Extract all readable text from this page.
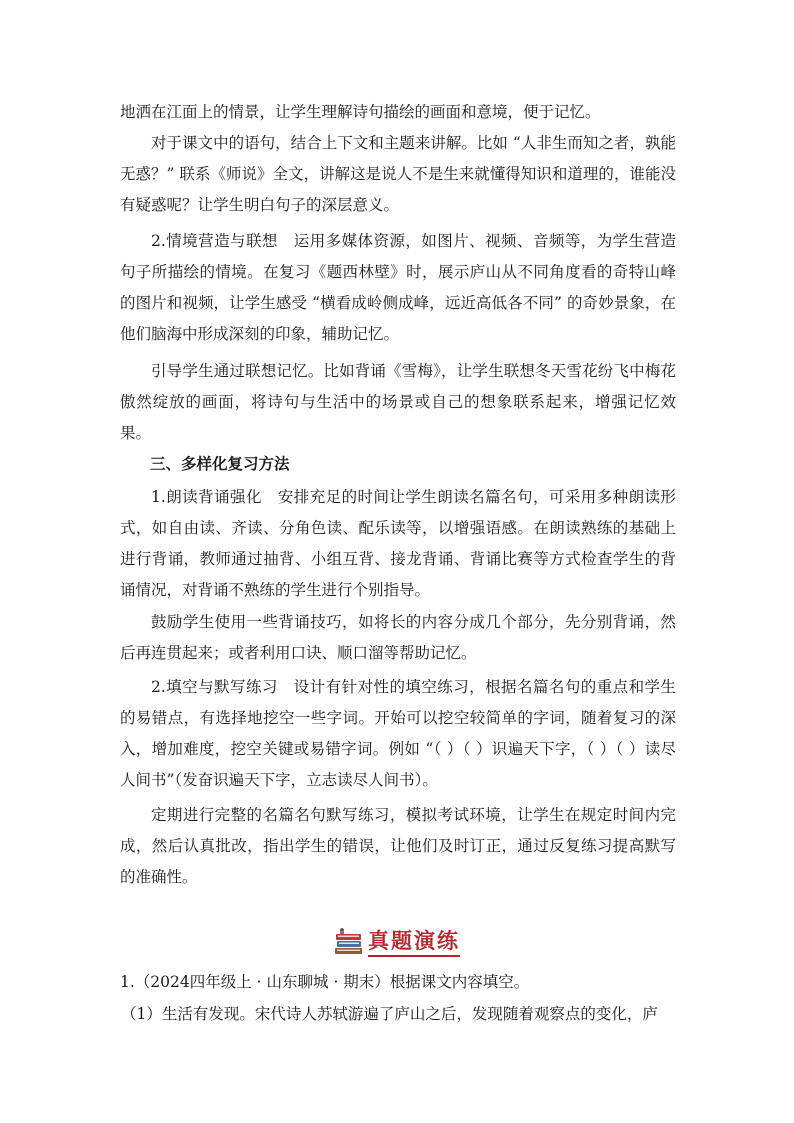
地洒在江面上的情景，让学生理解诗句描绘的画面和意境，便于记忆。

对于课文中的语句，结合上下文和主题来讲解。比如 “人非生而知之者，孰能无惑？” 联系《师说》全文，讲解这是说人不是生来就懂得知识和道理的，谁能没有疑惑呢？让学生明白句子的深层意义。

2.情境营造与联想　运用多媒体资源，如图片、视频、音频等，为学生营造句子所描绘的情境。在复习《题西林壁》时，展示庐山从不同角度看的奇特山峰的图片和视频，让学生感受 “横看成岭侧成峰，远近高低各不同” 的奇妙景象，在他们脑海中形成深刻的印象，辅助记忆。

引导学生通过联想记忆。比如背诵《雪梅》，让学生联想冬天雪花纷飞中梅花傲然绽放的画面，将诗句与生活中的场景或自己的想象联系起来，增强记忆效果。

三、多样化复习方法

1.朗读背诵强化　安排充足的时间让学生朗读名篇名句，可采用多种朗读形式，如自由读、齐读、分角色读、配乐读等，以增强语感。在朗读熟练的基础上进行背诵，教师通过抽背、小组互背、接龙背诵、背诵比赛等方式检查学生的背诵情况，对背诵不熟练的学生进行个别指导。

鼓励学生使用一些背诵技巧，如将长的内容分成几个部分，先分别背诵，然后再连贯起来；或者利用口诀、顺口溜等帮助记忆。

2.填空与默写练习　设计有针对性的填空练习，根据名篇名句的重点和学生的易错点，有选择地挖空一些字词。开始可以挖空较简单的字词，随着复习的深入，增加难度，挖空关键或易错字词。例如 “（ ）（ ）识遍天下字，（ ）（ ）读尽人间书”（发奋识遍天下字，立志读尽人间书）。

定期进行完整的名篇名句默写练习，模拟考试环境，让学生在规定时间内完成，然后认真批改，指出学生的错误，让他们及时订正，通过反复练习提高默写的准确性。

真题演练

1.（2024四年级上 · 山东聊城 · 期末）根据课文内容填空。

（1）生活有发现。宋代诗人苏轼游遍了庐山之后，发现随着观察点的变化，庐
